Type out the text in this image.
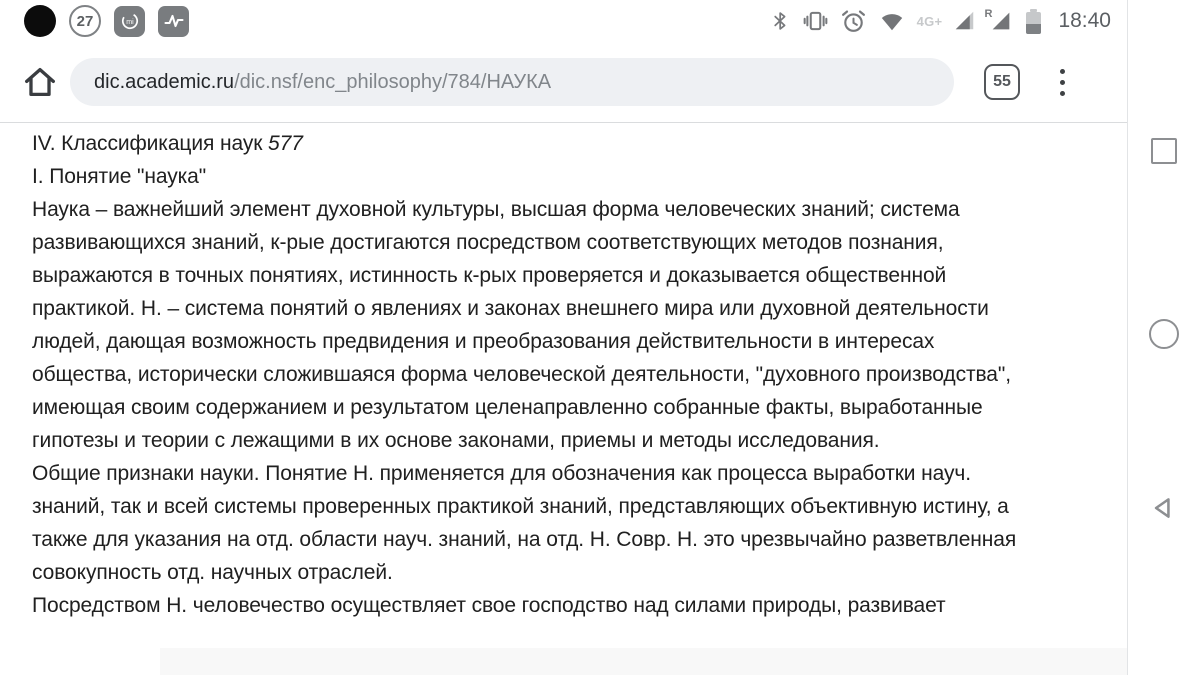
27	mi	4G+	R	18:40
dic.academic.ru /dic.nsf/enc_philosophy/784/НАУКА	55
IV. Классификация наук 577
I. Понятие "наука"
Наука – важнейший элемент духовной культуры, высшая форма человеческих знаний; система
развивающихся знаний, к-рые достигаются посредством соответствующих методов познания,
выражаются в точных понятиях, истинность к-рых проверяется и доказывается общественной
практикой. Н. – система понятий о явлениях и законах внешнего мира или духовной деятельности
людей, дающая возможность предвидения и преобразования действительности в интересах
общества, исторически сложившаяся форма человеческой деятельности, "духовного производства",
имеющая своим содержанием и результатом целенаправленно собранные факты, выработанные
гипотезы и теории с лежащими в их основе законами, приемы и методы исследования.
Общие признаки науки. Понятие Н. применяется для обозначения как процесса выработки науч.
знаний, так и всей системы проверенных практикой знаний, представляющих объективную истину, а
также для указания на отд. области науч. знаний, на отд. Н. Совр. Н. это чрезвычайно разветвленная
совокупность отд. научных отраслей.
Посредством Н. человечество осуществляет свое господство над силами природы, развивает
